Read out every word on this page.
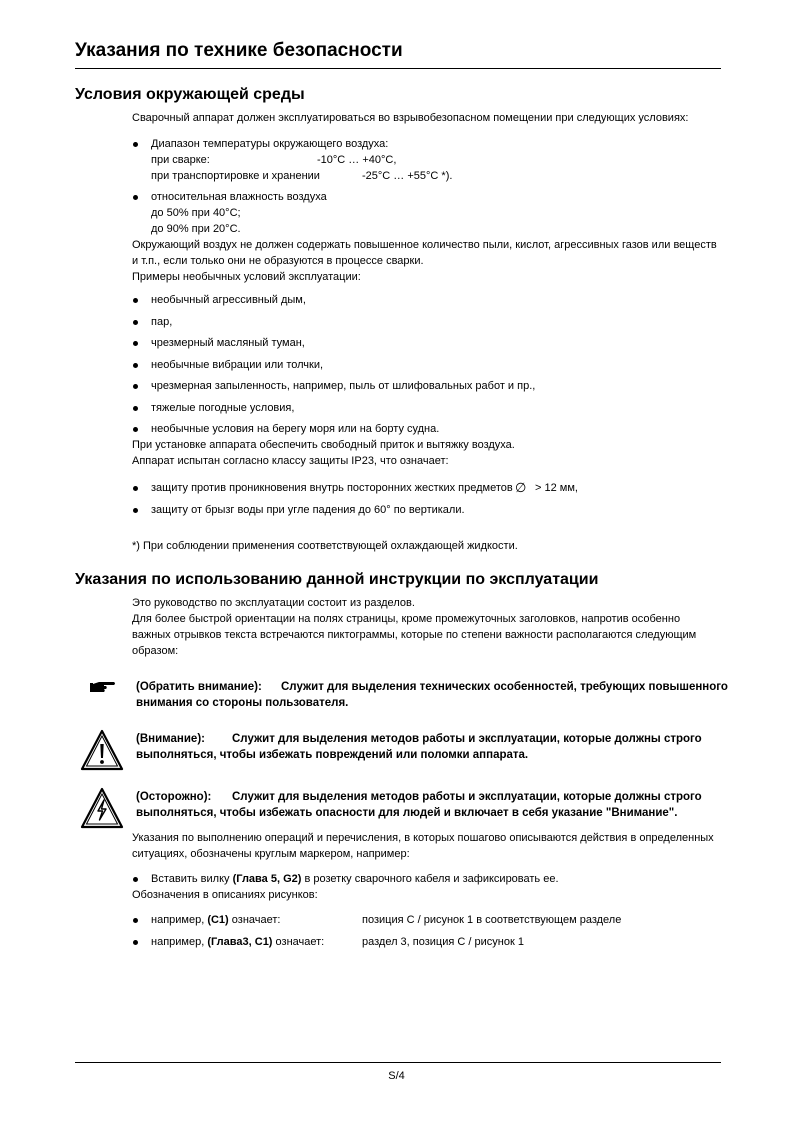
Указания по технике безопасности
Условия окружающей среды
Сварочный аппарат должен эксплуатироваться во взрывобезопасном помещении при следующих условиях:
Диапазон температуры окружающего воздуха:
при сварке:	-10°C … +40°C,
при транспортировке и хранении	-25°C … +55°C *).
относительная влажность воздуха
до 50% при 40°C;
до 90% при 20°C.
Окружающий воздух не должен содержать повышенное количество пыли, кислот, агрессивных газов или веществ
и т.п., если только они не образуются в процессе сварки.
Примеры необычных условий эксплуатации:
необычный агрессивный дым,
пар,
чрезмерный масляный туман,
необычные вибрации или толчки,
чрезмерная запыленность, например, пыль от шлифовальных работ и пр.,
тяжелые погодные условия,
необычные условия на берегу моря или на борту судна.
При установке аппарата обеспечить свободный приток и вытяжку воздуха.
Аппарат испытан согласно классу защиты IP23, что означает:
защиту против проникновения внутрь посторонних жестких предметов ∅ > 12 мм,
защиту от брызг воды при угле падения до 60° по вертикали.
*) При соблюдении применения соответствующей охлаждающей жидкости.
Указания по использованию данной инструкции по эксплуатации
Это руководство по эксплуатации состоит из разделов.
Для более быстрой ориентации на полях страницы, кроме промежуточных заголовков, напротив особенно
важных отрывков текста встречаются пиктограммы, которые по степени важности располагаются следующим
образом:
(Обратить внимание): Служит для выделения технических особенностей, требующих повышенного
внимания со стороны пользователя.
(Внимание): Служит для выделения методов работы и эксплуатации, которые должны строго
выполняться, чтобы избежать повреждений или поломки аппарата.
(Осторожно): Служит для выделения методов работы и эксплуатации, которые должны строго
выполняться, чтобы избежать опасности для людей и включает в себя указание "Внимание".
Указания по выполнению операций и перечисления, в которых пошагово описываются действия в определенных
ситуациях, обозначены круглым маркером, например:
Вставить вилку (Глава 5, G2) в розетку сварочного кабеля и зафиксировать ее.
Обозначения в описаниях рисунков:
например, (С1) означает:	позиция С / рисунок 1 в соответствующем разделе
например, (Глава3, С1) означает:	раздел 3, позиция С / рисунок 1
S/4
